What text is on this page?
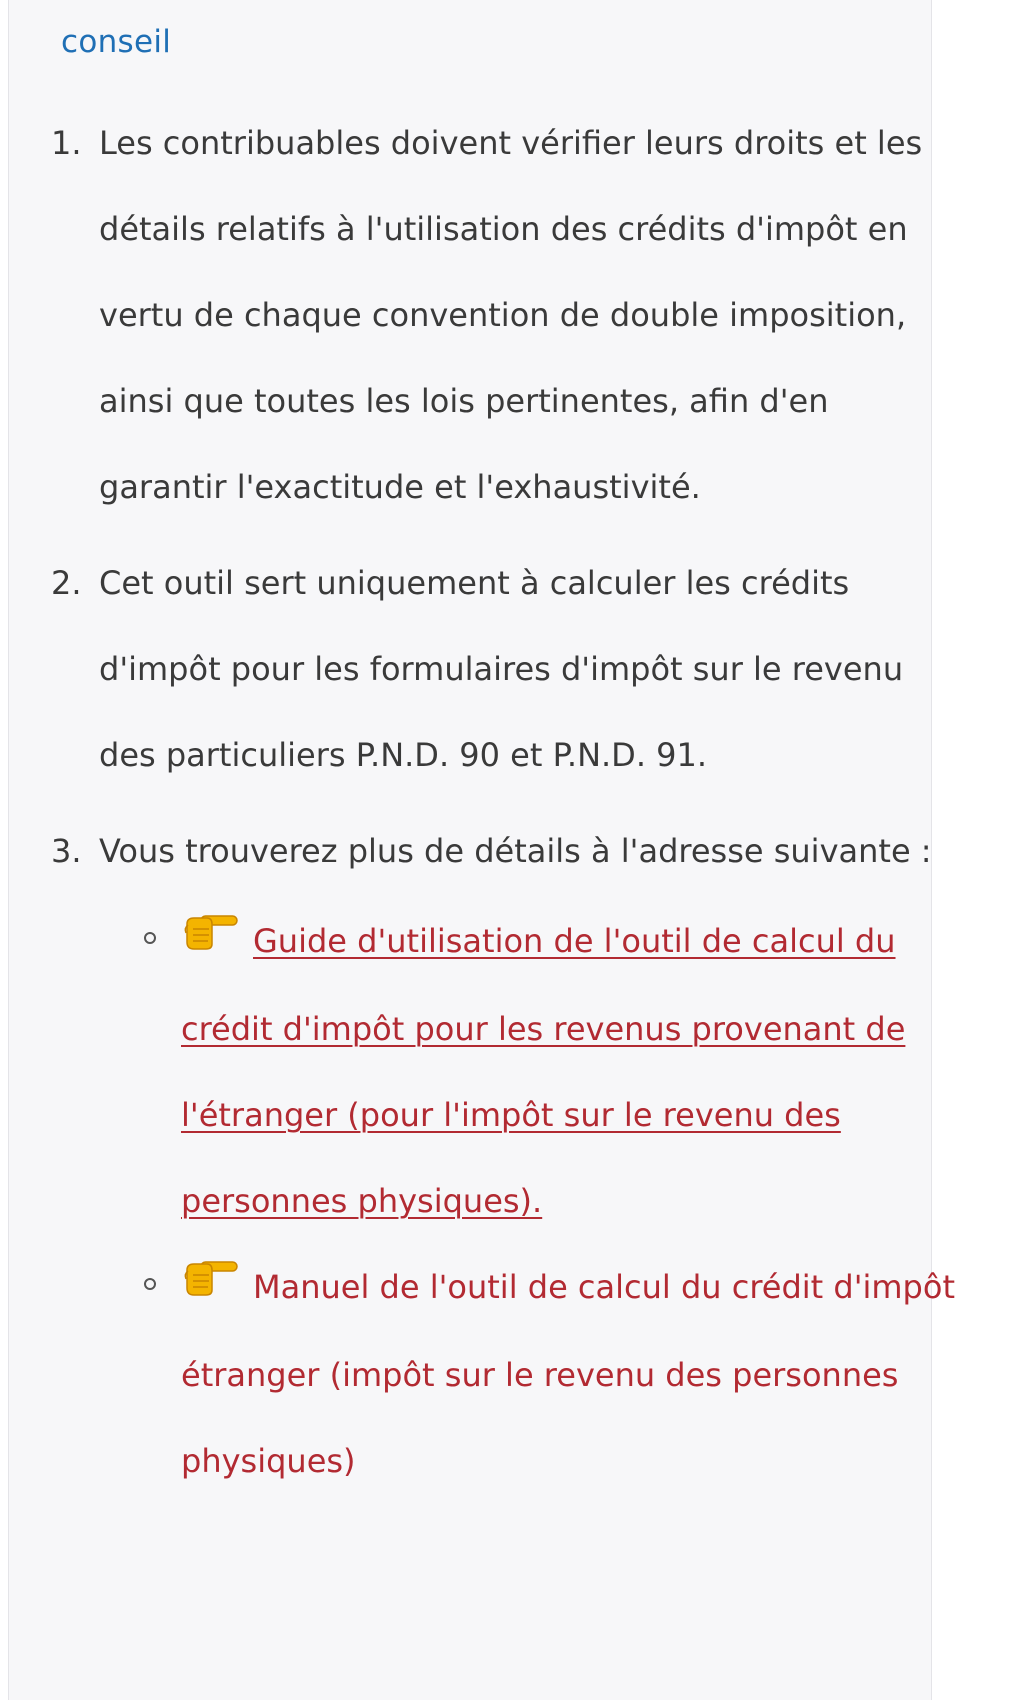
conseil
1. Les contribuables doivent vérifier leurs droits et les détails relatifs à l'utilisation des crédits d'impôt en vertu de chaque convention de double imposition, ainsi que toutes les lois pertinentes, afin d'en garantir l'exactitude et l'exhaustivité.
2. Cet outil sert uniquement à calculer les crédits d'impôt pour les formulaires d'impôt sur le revenu des particuliers P.N.D. 90 et P.N.D. 91.
3. Vous trouverez plus de détails à l'adresse suivante :
Guide d'utilisation de l'outil de calcul du crédit d'impôt pour les revenus provenant de l'étranger (pour l'impôt sur le revenu des personnes physiques).
Manuel de l'outil de calcul du crédit d'impôt étranger (impôt sur le revenu des personnes physiques)
